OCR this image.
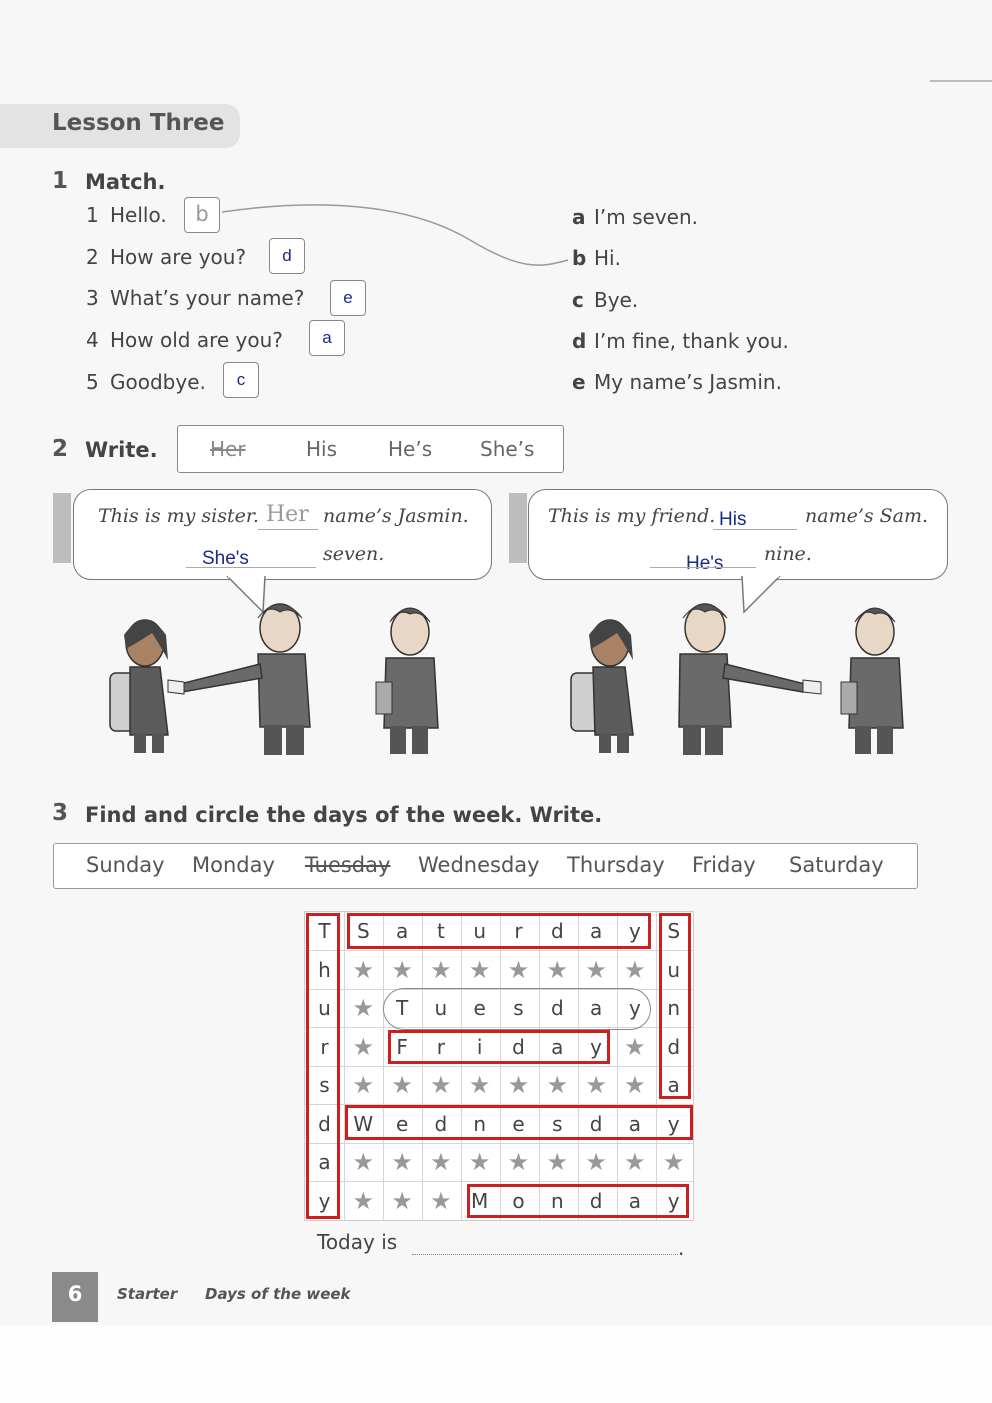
Lesson Three
1 Match.
1 Hello.	b
2 How are you?	d
3 What’s your name?	e
4 How old are you?	a
5 Goodbye.	c
a I’m seven.
b Hi.
c Bye.
d I’m fine, thank you.
e My name’s Jasmin.
2 Write.	Her	His	He’s She’s
This is my sister. Her name’s Jasmin.
She's	seven.
This is my friend. His	name’s Sam.
He's nine.
3 Find and circle the days of the week. Write.
Sunday Monday Tuesday Wednesday Thursday Friday Saturday
T	S	a	t	u	r	d	a	y	S
h ★ ★ ★ ★ ★ ★ ★ ★	u
u ★	T	u	e	s	d	a	y	n
r ★	F	r	i	d	a	y ★	d
s ★ ★ ★ ★ ★ ★ ★ ★	a
d	W	e	d	n	e	s	d	a	y
a ★ ★ ★ ★ ★ ★ ★ ★ ★
y ★ ★ ★ M	o	n	d	a	y
Today is	.
6	Starter Days of the week
